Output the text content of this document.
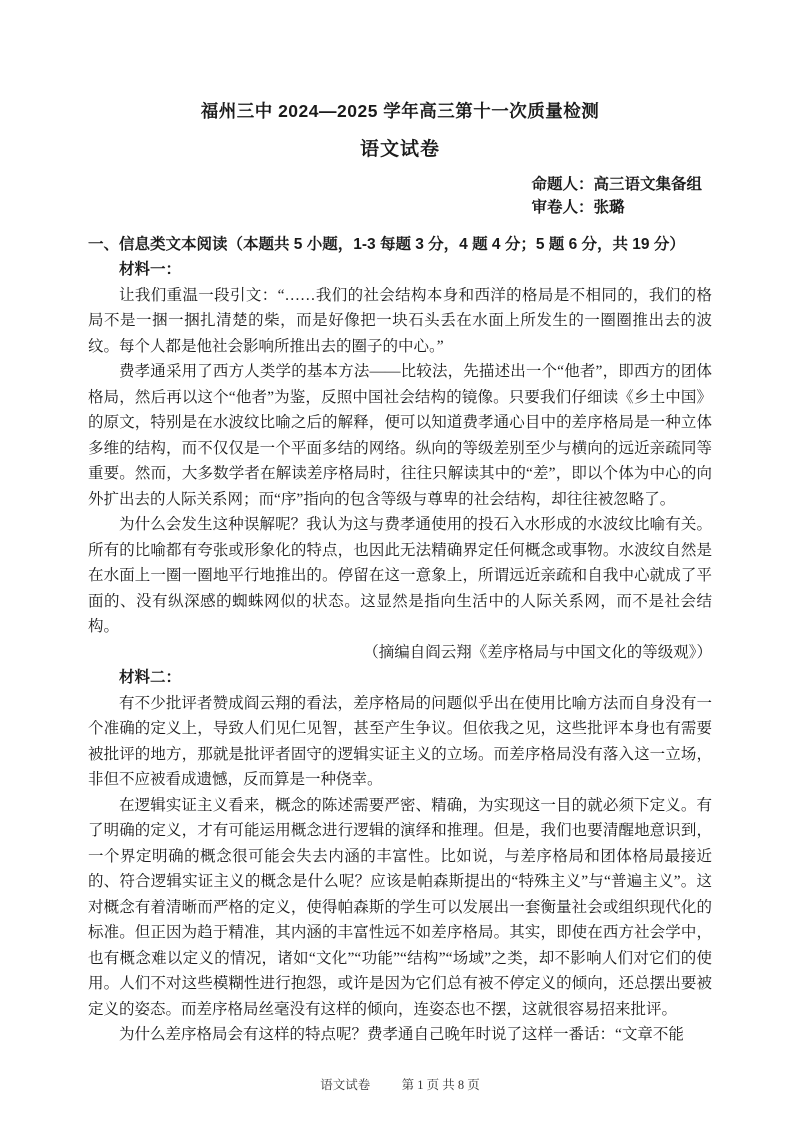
福州三中 2024—2025 学年高三第十一次质量检测
语文试卷
命题人：高三语文集备组
审卷人：张璐
一、信息类文本阅读（本题共 5 小题，1-3 每题 3 分，4 题 4 分；5 题 6 分，共 19 分）
材料一：

让我们重温一段引文：“……我们的社会结构本身和西洋的格局是不相同的，我们的格局不是一捆一捆扎清楚的柴，而是好像把一块石头丢在水面上所发生的一圈圈推出去的波纹。每个人都是他社会影响所推出去的圈子的中心。”

费孝通采用了西方人类学的基本方法——比较法，先描述出一个“他者”，即西方的团体格局，然后再以这个“他者”为鉴，反照中国社会结构的镜像。只要我们仔细读《乡土中国》的原文，特别是在水波纹比喻之后的解释，便可以知道费孝通心目中的差序格局是一种立体多维的结构，而不仅仅是一个平面多结的网络。纵向的等级差别至少与横向的远近亲疏同等重要。然而，大多数学者在解读差序格局时，往往只解读其中的“差”，即以个体为中心的向外扩出去的人际关系网；而“序”指向的包含等级与尊卑的社会结构，却往往被忽略了。

为什么会发生这种误解呢？我认为这与费孝通使用的投石入水形成的水波纹比喻有关。所有的比喻都有夸张或形象化的特点，也因此无法精确界定任何概念或事物。水波纹自然是在水面上一圈一圈地平行地推出的。停留在这一意象上，所谓远近亲疏和自我中心就成了平面的、没有纵深感的蜘蛛网似的状态。这显然是指向生活中的人际关系网，而不是社会结构。

（摘编自阎云翔《差序格局与中国文化的等级观》）

材料二：

有不少批评者赞成阎云翔的看法，差序格局的问题似乎出在使用比喻方法而自身没有一个准确的定义上，导致人们见仁见智，甚至产生争议。但依我之见，这些批评本身也有需要被批评的地方，那就是批评者固守的逻辑实证主义的立场。而差序格局没有落入这一立场，非但不应被看成遗憾，反而算是一种侥幸。

在逻辑实证主义看来，概念的陈述需要严密、精确，为实现这一目的就必须下定义。有了明确的定义，才有可能运用概念进行逻辑的演绎和推理。但是，我们也要清醒地意识到，一个界定明确的概念很可能会失去内涵的丰富性。比如说，与差序格局和团体格局最接近的、符合逻辑实证主义的概念是什么呢？应该是帕森斯提出的“特殊主义”与“普遍主义”。这对概念有着清晰而严格的定义，使得帕森斯的学生可以发展出一套衡量社会或组织现代化的标准。但正因为趋于精准，其内涵的丰富性远不如差序格局。其实，即使在西方社会学中，也有概念难以定义的情况，诸如“文化”“功能”“结构”“场域”之类，却不影响人们对它们的使用。人们不对这些模糊性进行抱怨，或许是因为它们总有被不停定义的倾向，还总摆出要被定义的姿态。而差序格局丝毫没有这样的倾向，连姿态也不摆，这就很容易招来批评。

为什么差序格局会有这样的特点呢？费孝通自己晚年时说了这样一番话：“文章不能

语文试卷	第 1 页 共 8 页
